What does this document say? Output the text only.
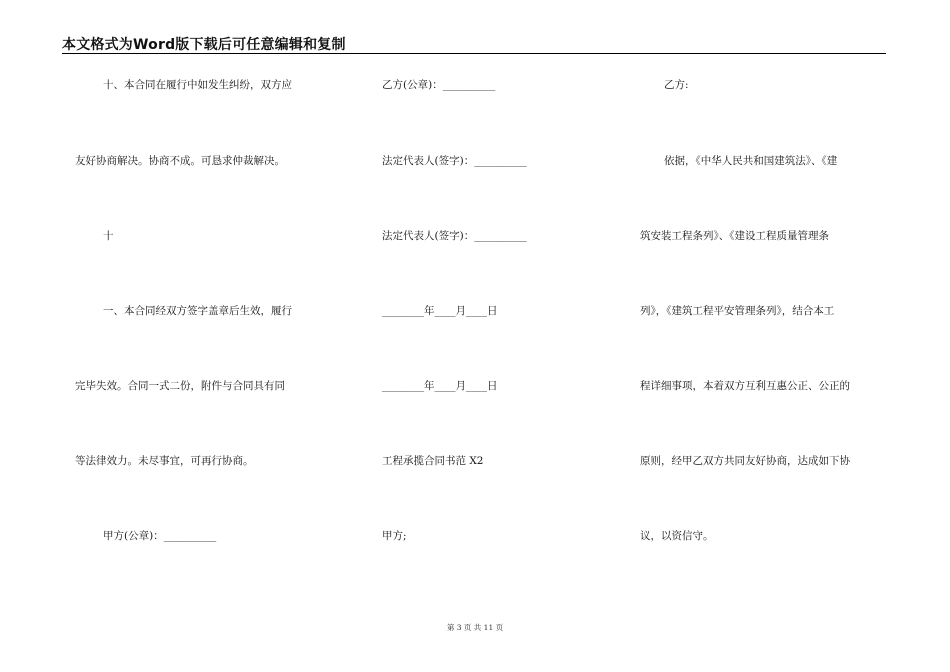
本文格式为Word版下载后可任意编辑和复制
十、本合同在履行中如发生纠纷，双方应
友好协商解决。协商不成。可恳求仲裁解决。
十
一、本合同经双方签字盖章后生效，履行
完毕失效。合同一式二份，附件与合同具有同
等法律效力。未尽事宜，可再行协商。
甲方(公章)：__________
乙方(公章)：__________
法定代表人(签字)：__________
法定代表人(签字)：__________
________年____月____日
________年____月____日
工程承揽合同书范 X2
甲方;
乙方:
依据，《中华人民共和国建筑法》、《建
筑安装工程条列》、《建设工程质量管理条
列》，《建筑工程平安管理条列》，结合本工
程详细事项，本着双方互利互惠公正、公正的
原则，经甲乙双方共同友好协商，达成如下协
议，以资信守。
第 3 页 共 11 页
